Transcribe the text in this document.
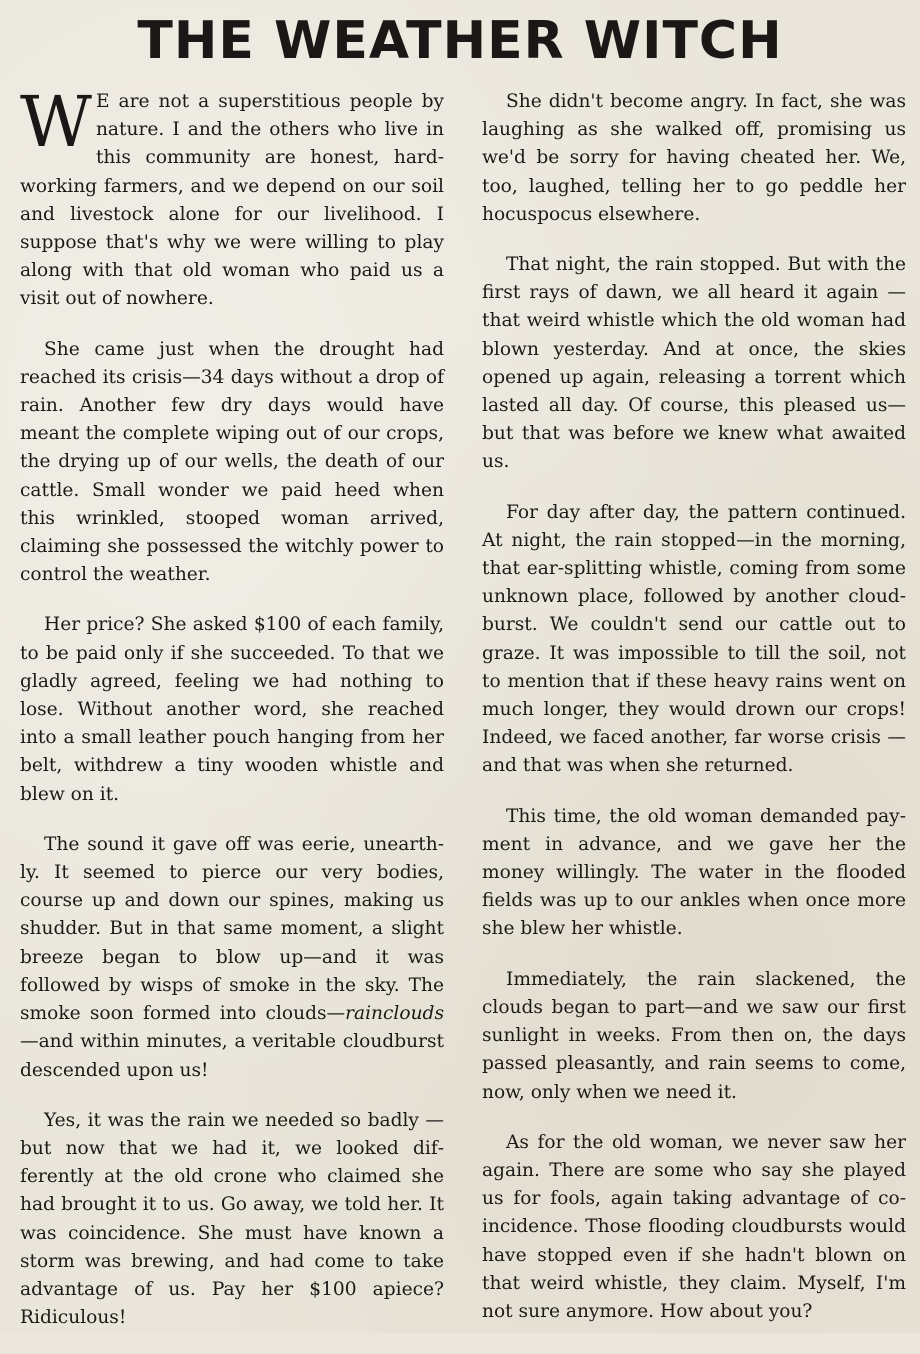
THE WEATHER WITCH

W E are not a superstitious people by nature. I and the others who live in this community are honest, hard-working farmers, and we depend on our soil and livestock alone for our livelihood. I suppose that's why we were willing to play along with that old woman who paid us a visit out of nowhere.

She came just when the drought had reached its crisis—34 days without a drop of rain. Another few dry days would have meant the complete wiping out of our crops, the drying up of our wells, the death of our cattle. Small wonder we paid heed when this wrinkled, stooped woman arrived, claiming she possessed the witchly power to control the weather.

Her price? She asked $100 of each family, to be paid only if she succeeded. To that we gladly agreed, feeling we had nothing to lose. Without another word, she reached into a small leather pouch hanging from her belt, withdrew a tiny wooden whistle and blew on it.

The sound it gave off was eerie, unearthly. It seemed to pierce our very bodies, course up and down our spines, making us shudder. But in that same moment, a slight breeze began to blow up—and it was followed by wisps of smoke in the sky. The smoke soon formed into clouds—rainclouds—and within minutes, a veritable cloudburst descended upon us!

Yes, it was the rain we needed so badly —but now that we had it, we looked differently at the old crone who claimed she had brought it to us. Go away, we told her. It was coincidence. She must have known a storm was brewing, and had come to take advantage of us. Pay her $100 apiece? Ridiculous!

She didn't become angry. In fact, she was laughing as she walked off, promising us we'd be sorry for having cheated her. We, too, laughed, telling her to go peddle her hocuspocus elsewhere.

That night, the rain stopped. But with the first rays of dawn, we all heard it again —that weird whistle which the old woman had blown yesterday. And at once, the skies opened up again, releasing a torrent which lasted all day. Of course, this pleased us— but that was before we knew what awaited us.

For day after day, the pattern continued. At night, the rain stopped—in the morning, that ear-splitting whistle, coming from some unknown place, followed by another cloudburst. We couldn't send our cattle out to graze. It was impossible to till the soil, not to mention that if these heavy rains went on much longer, they would drown our crops! Indeed, we faced another, far worse crisis —and that was when she returned.

This time, the old woman demanded payment in advance, and we gave her the money willingly. The water in the flooded fields was up to our ankles when once more she blew her whistle.

Immediately, the rain slackened, the clouds began to part—and we saw our first sunlight in weeks. From then on, the days passed pleasantly, and rain seems to come, now, only when we need it.

As for the old woman, we never saw her again. There are some who say she played us for fools, again taking advantage of coincidence. Those flooding cloudbursts would have stopped even if she hadn't blown on that weird whistle, they claim. Myself, I'm not sure anymore. How about you?
